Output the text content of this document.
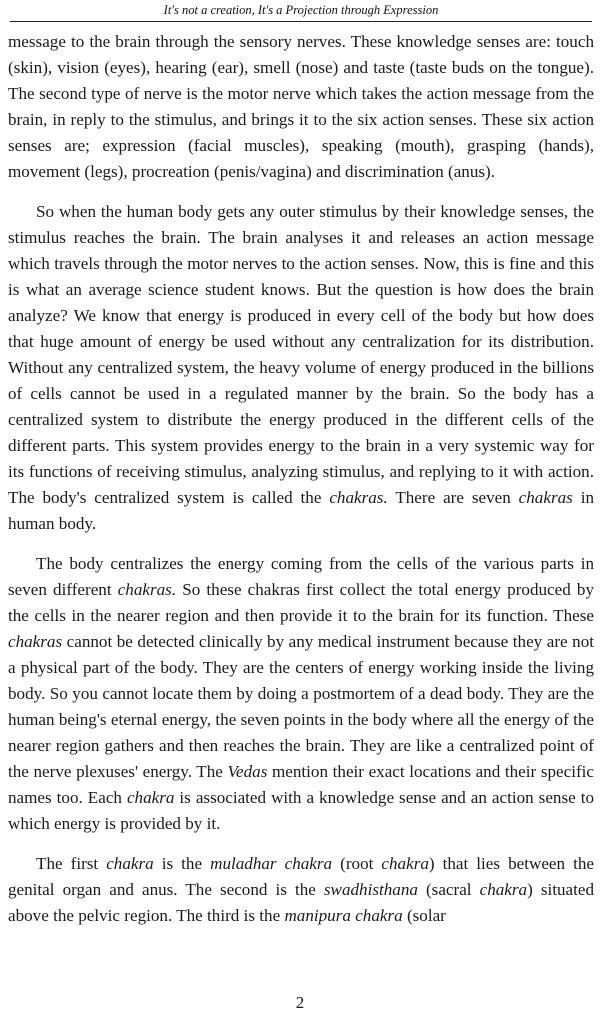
It's not a creation, It's a Projection through Expression

message to the brain through the sensory nerves. These knowledge senses are: touch (skin), vision (eyes), hearing (ear), smell (nose) and taste (taste buds on the tongue). The second type of nerve is the motor nerve which takes the action message from the brain, in reply to the stimulus, and brings it to the six action senses. These six action senses are; expression (facial muscles), speaking (mouth), grasping (hands), movement (legs), procreation (penis/vagina) and discrimination (anus).

So when the human body gets any outer stimulus by their knowledge senses, the stimulus reaches the brain. The brain analyses it and releases an action message which travels through the motor nerves to the action senses. Now, this is fine and this is what an average science student knows. But the question is how does the brain analyze? We know that energy is produced in every cell of the body but how does that huge amount of energy be used without any centralization for its distribution. Without any centralized system, the heavy volume of energy produced in the billions of cells cannot be used in a regulated manner by the brain. So the body has a centralized system to distribute the energy produced in the different cells of the different parts. This system provides energy to the brain in a very systemic way for its functions of receiving stimulus, analyzing stimulus, and replying to it with action. The body's centralized system is called the chakras. There are seven chakras in human body.

The body centralizes the energy coming from the cells of the various parts in seven different chakras. So these chakras first collect the total energy produced by the cells in the nearer region and then provide it to the brain for its function. These chakras cannot be detected clinically by any medical instrument because they are not a physical part of the body. They are the centers of energy working inside the living body. So you cannot locate them by doing a postmortem of a dead body. They are the human being's eternal energy, the seven points in the body where all the energy of the nearer region gathers and then reaches the brain. They are like a centralized point of the nerve plexuses' energy. The Vedas mention their exact locations and their specific names too. Each chakra is associated with a knowledge sense and an action sense to which energy is provided by it.

The first chakra is the muladhar chakra (root chakra) that lies between the genital organ and anus. The second is the swadhisthana (sacral chakra) situated above the pelvic region. The third is the manipura chakra (solar

2
